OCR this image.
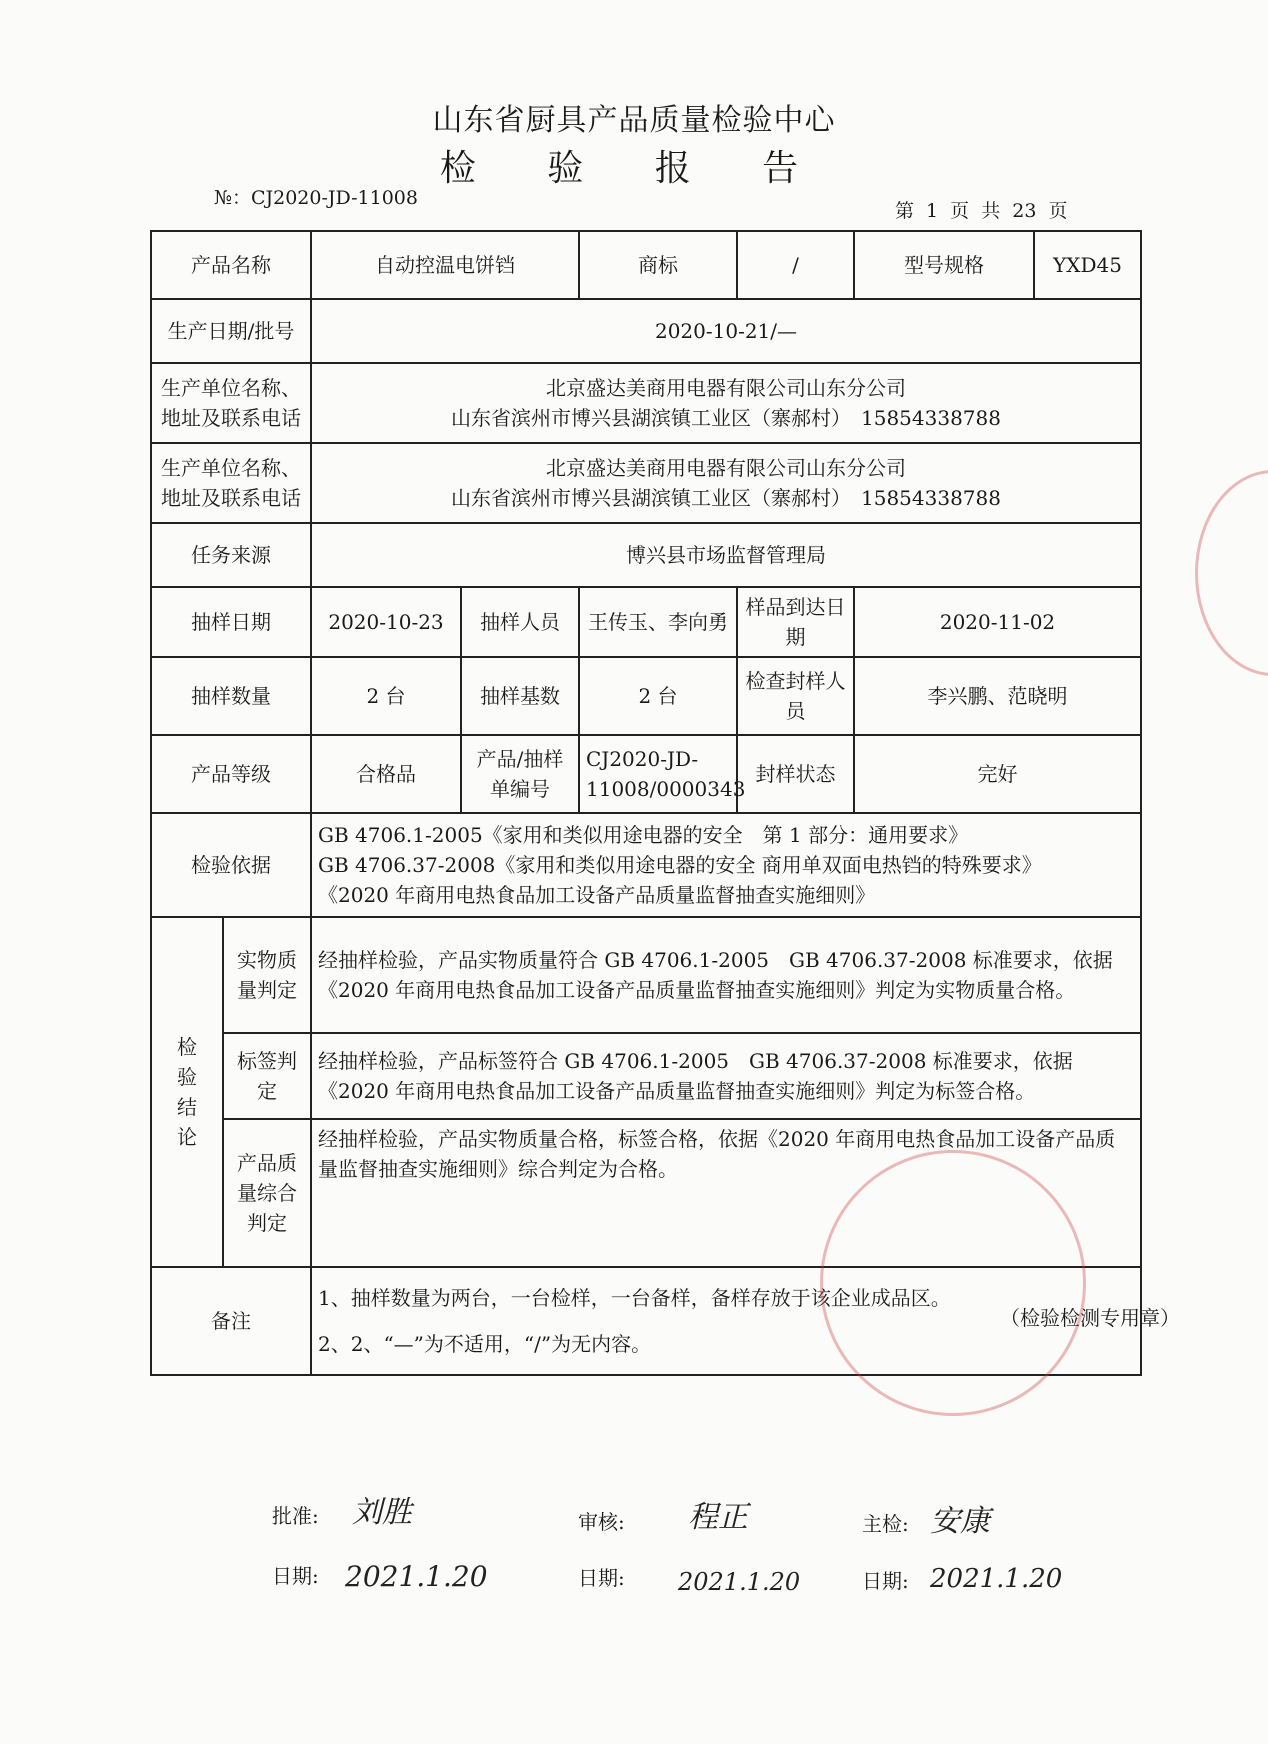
山东省厨具产品质量检验中心
检 验 报 告
№：CJ2020-JD-11008
第 1 页 共 23 页
产品名称		自动控温电饼铛		商标	/	型号规格	YXD45
生产日期/批号		2020-10-21/—					
生产单位名称、地址及联系电话		北京盛达美商用电器有限公司山东分公司
山东省滨州市博兴县湖滨镇工业区（寨郝村）　15854338788					

生产单位名称、地址及联系电话		北京盛达美商用电器有限公司山东分公司
山东省滨州市博兴县湖滨镇工业区（寨郝村）　15854338788					

任务来源		博兴县市场监督管理局					
抽样日期		2020-10-23	抽样人员	王传玉、李向勇	样品到达日期	2020-11-02	
抽样数量		2 台	抽样基数	2 台	检查封样人员	李兴鹏、范晓明	
产品等级		合格品	产品/抽样单编号	CJ2020-JD-11008/0000343	封样状态	完好	
检验依据		GB 4706.1-2005《家用和类似用途电器的安全　第 1 部分：通用要求》
GB 4706.37-2008《家用和类似用途电器的安全 商用单双面电热铛的特殊要求》
《2020 年商用电热食品加工设备产品质量监督抽查实施细则》					

检验结论	实物质量判定	经抽样检验，产品实物质量符合 GB 4706.1-2005　GB 4706.37-2008 标准要求，依据《2020 年商用电热食品加工设备产品质量监督抽查实施细则》判定为实物质量合格。					
	标签判定	经抽样检验，产品标签符合 GB 4706.1-2005　GB 4706.37-2008 标准要求，依据《2020 年商用电热食品加工设备产品质量监督抽查实施细则》判定为标签合格。					
	产品质量综合判定	经抽样检验，产品实物质量合格，标签合格，依据《2020 年商用电热食品加工设备产品质量监督抽查实施细则》综合判定为合格。					
备注		1、抽样数量为两台，一台检样，一台备样，备样存放于该企业成品区。
2、2、“—”为不适用，“/”为无内容。					
（检验检测专用章）
批准: 刘胜	审核: 程正	主检: 安康
日期: 2021.1.20	日期: 2021.1.20	日期: 2021.1.20
